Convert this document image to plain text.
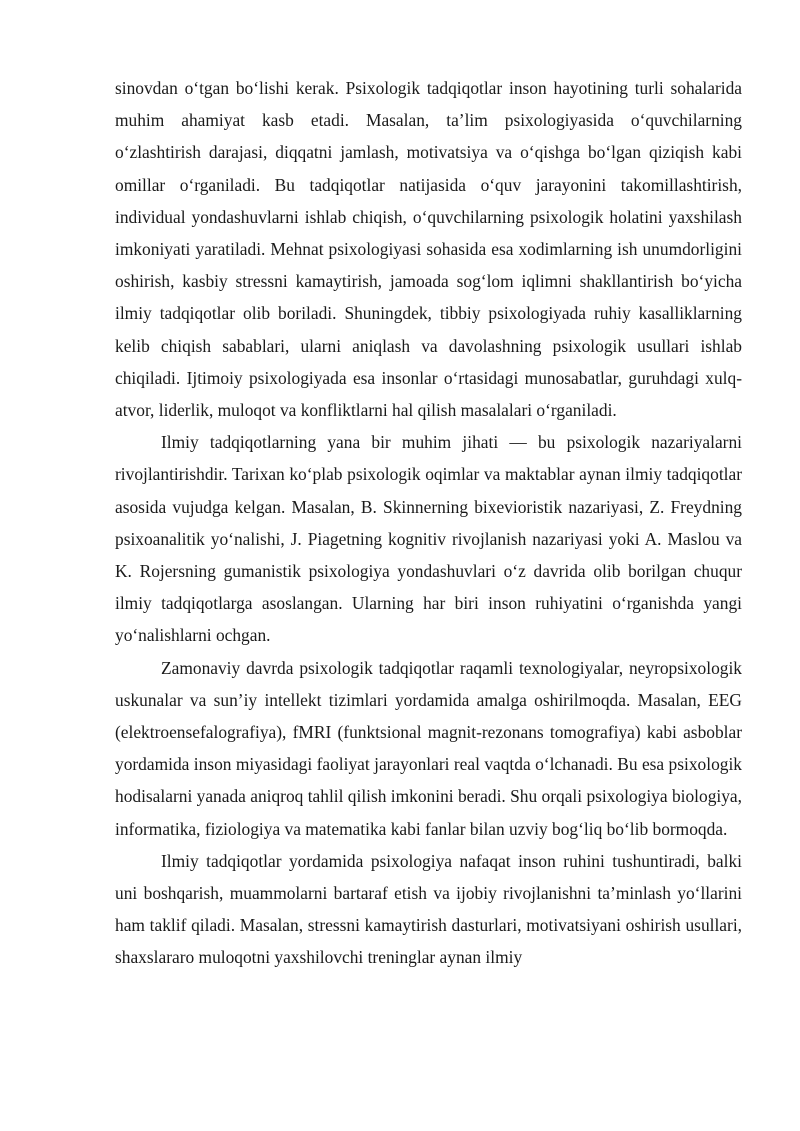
sinovdan o‘tgan bo‘lishi kerak. Psixologik tadqiqotlar inson hayotining turli sohalarida muhim ahamiyat kasb etadi. Masalan, ta’lim psixologiyasida o‘quvchilarning o‘zlashtirish darajasi, diqqatni jamlash, motivatsiya va o‘qishga bo‘lgan qiziqish kabi omillar o‘rganiladi. Bu tadqiqotlar natijasida o‘quv jarayonini takomillashtirish, individual yondashuvlarni ishlab chiqish, o‘quvchilarning psixologik holatini yaxshilash imkoniyati yaratiladi. Mehnat psixologiyasi sohasida esa xodimlarning ish unumdorligini oshirish, kasbiy stressni kamaytirish, jamoada sog‘lom iqlimni shakllantirish bo‘yicha ilmiy tadqiqotlar olib boriladi. Shuningdek, tibbiy psixologiyada ruhiy kasalliklarning kelib chiqish sabablari, ularni aniqlash va davolashning psixologik usullari ishlab chiqiladi. Ijtimoiy psixologiyada esa insonlar o‘rtasidagi munosabatlar, guruhdagi xulq-atvor, liderlik, muloqot va konfliktlarni hal qilish masalalari o‘rganiladi.

Ilmiy tadqiqotlarning yana bir muhim jihati — bu psixologik nazariyalarni rivojlantirishdir. Tarixan ko‘plab psixologik oqimlar va maktablar aynan ilmiy tadqiqotlar asosida vujudga kelgan. Masalan, B. Skinnerning bixevioristik nazariyasi, Z. Freydning psixoanalitik yo‘nalishi, J. Piagetning kognitiv rivojlanish nazariyasi yoki A. Maslou va K. Rojersning gumanistik psixologiya yondashuvlari o‘z davrida olib borilgan chuqur ilmiy tadqiqotlarga asoslangan. Ularning har biri inson ruhiyatini o‘rganishda yangi yo‘nalishlarni ochgan.

Zamonaviy davrda psixologik tadqiqotlar raqamli texnologiyalar, neyropsixologik uskunalar va sun’iy intellekt tizimlari yordamida amalga oshirilmoqda. Masalan, EEG (elektroensefalografiya), fMRI (funktsional magnit-rezonans tomografiya) kabi asboblar yordamida inson miyasidagi faoliyat jarayonlari real vaqtda o‘lchanadi. Bu esa psixologik hodisalarni yanada aniqroq tahlil qilish imkonini beradi. Shu orqali psixologiya biologiya, informatika, fiziologiya va matematika kabi fanlar bilan uzviy bog‘liq bo‘lib bormoqda.

Ilmiy tadqiqotlar yordamida psixologiya nafaqat inson ruhini tushuntiradi, balki uni boshqarish, muammolarni bartaraf etish va ijobiy rivojlanishni ta’minlash yo‘llarini ham taklif qiladi. Masalan, stressni kamaytirish dasturlari, motivatsiyani oshirish usullari, shaxslararo muloqotni yaxshilovchi treninglar aynan ilmiy
